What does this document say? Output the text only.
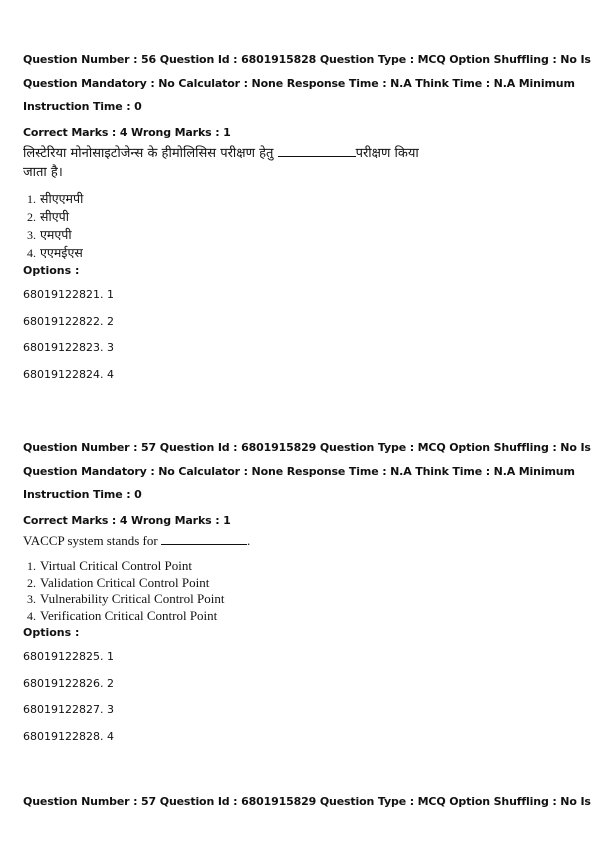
Question Number : 56 Question Id : 6801915828 Question Type : MCQ Option Shuffling : No Is
Question Mandatory : No Calculator : None Response Time : N.A Think Time : N.A Minimum
Instruction Time : 0
Correct Marks : 4 Wrong Marks : 1
लिस्टेरिया मोनोसाइटोजेन्स के हीमोलिसिस परीक्षण हेतु	परीक्षण किया
जाता है।
1. सीएएमपी
2. सीएपी
3. एमएपी
4. एएमईएस
Options :
68019122821. 1
68019122822. 2
68019122823. 3
68019122824. 4
Question Number : 57 Question Id : 6801915829 Question Type : MCQ Option Shuffling : No Is
Question Mandatory : No Calculator : None Response Time : N.A Think Time : N.A Minimum
Instruction Time : 0
Correct Marks : 4 Wrong Marks : 1
VACCP system stands for	.
1. Virtual Critical Control Point
2. Validation Critical Control Point
3. Vulnerability Critical Control Point
4. Verification Critical Control Point
Options :
68019122825. 1
68019122826. 2
68019122827. 3
68019122828. 4
Question Number : 57 Question Id : 6801915829 Question Type : MCQ Option Shuffling : No Is
